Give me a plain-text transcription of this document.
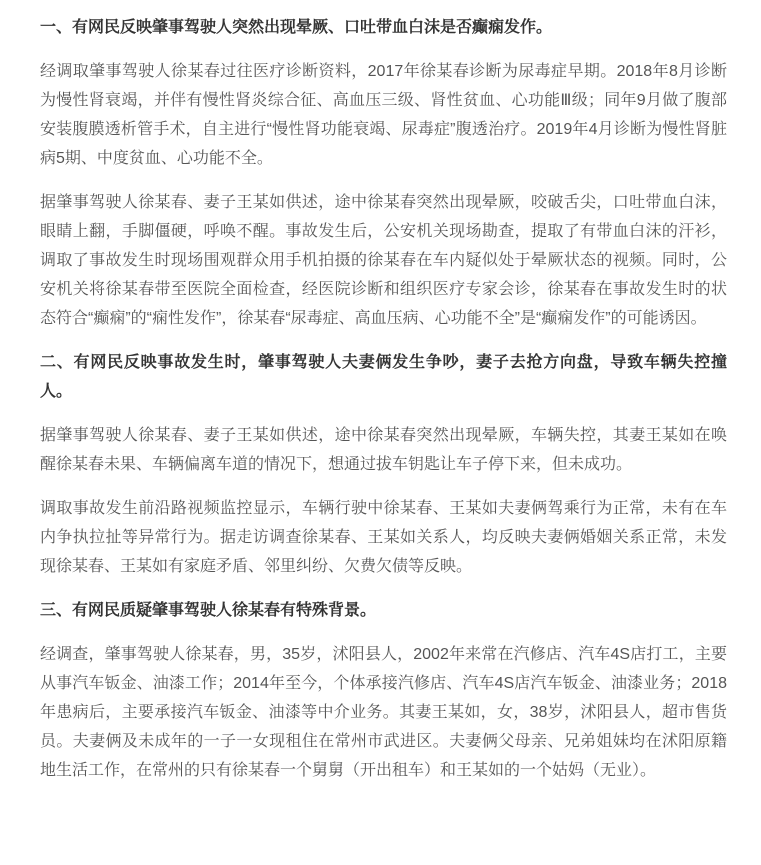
一、有网民反映肇事驾驶人突然出现晕厥、口吐带血白沫是否癫痫发作。

经调取肇事驾驶人徐某春过往医疗诊断资料，2017年徐某春诊断为尿毒症早期。2018年8月诊断为慢性肾衰竭，并伴有慢性肾炎综合征、高血压三级、肾性贫血、心功能Ⅲ级；同年9月做了腹部安装腹膜透析管手术，自主进行“慢性肾功能衰竭、尿毒症”腹透治疗。2019年4月诊断为慢性肾脏病5期、中度贫血、心功能不全。

据肇事驾驶人徐某春、妻子王某如供述，途中徐某春突然出现晕厥，咬破舌尖，口吐带血白沫，眼睛上翻，手脚僵硬，呼唤不醒。事故发生后，公安机关现场勘查，提取了有带血白沫的汗衫，调取了事故发生时现场围观群众用手机拍摄的徐某春在车内疑似处于晕厥状态的视频。同时，公安机关将徐某春带至医院全面检查，经医院诊断和组织医疗专家会诊，徐某春在事故发生时的状态符合“癫痫”的“痫性发作”，徐某春“尿毒症、高血压病、心功能不全”是“癫痫发作”的可能诱因。

二、有网民反映事故发生时，肇事驾驶人夫妻俩发生争吵，妻子去抢方向盘，导致车辆失控撞人。

据肇事驾驶人徐某春、妻子王某如供述，途中徐某春突然出现晕厥，车辆失控，其妻王某如在唤醒徐某春未果、车辆偏离车道的情况下，想通过拔车钥匙让车子停下来，但未成功。

调取事故发生前沿路视频监控显示，车辆行驶中徐某春、王某如夫妻俩驾乘行为正常，未有在车内争执拉扯等异常行为。据走访调查徐某春、王某如关系人，均反映夫妻俩婚姻关系正常，未发现徐某春、王某如有家庭矛盾、邻里纠纷、欠费欠债等反映。

三、有网民质疑肇事驾驶人徐某春有特殊背景。

经调查，肇事驾驶人徐某春，男，35岁，沭阳县人，2002年来常在汽修店、汽车4S店打工，主要从事汽车钣金、油漆工作；2014年至今，个体承接汽修店、汽车4S店汽车钣金、油漆业务；2018年患病后，主要承接汽车钣金、油漆等中介业务。其妻王某如，女，38岁，沭阳县人，超市售货员。夫妻俩及未成年的一子一女现租住在常州市武进区。夫妻俩父母亲、兄弟姐妹均在沭阳原籍地生活工作，在常州的只有徐某春一个舅舅（开出租车）和王某如的一个姑妈（无业）。
